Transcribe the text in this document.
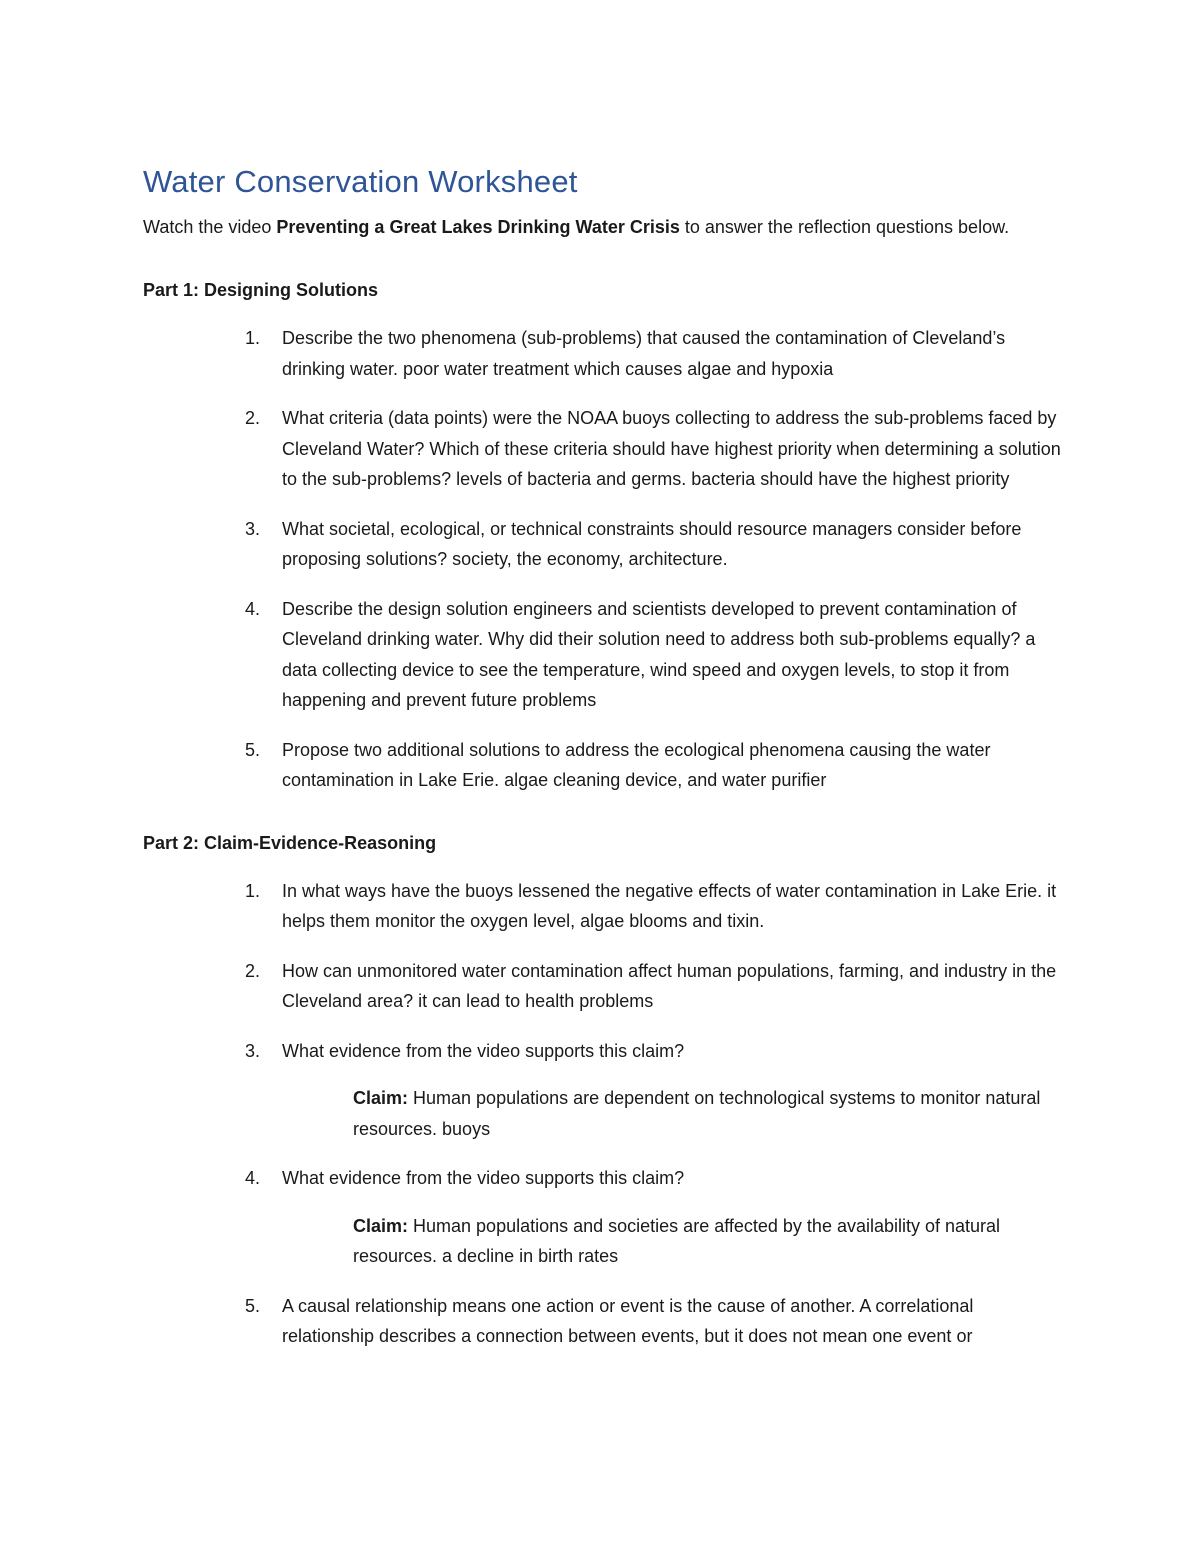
Water Conservation Worksheet

Watch the video Preventing a Great Lakes Drinking Water Crisis to answer the reflection questions below.

Part 1: Designing Solutions
1. Describe the two phenomena (sub-problems) that caused the contamination of Cleveland’s drinking water. poor water treatment which causes algae and hypoxia
2. What criteria (data points) were the NOAA buoys collecting to address the sub-problems faced by Cleveland Water? Which of these criteria should have highest priority when determining a solution to the sub-problems? levels of bacteria and germs. bacteria should have the highest priority
3. What societal, ecological, or technical constraints should resource managers consider before proposing solutions? society, the economy, architecture.
4. Describe the design solution engineers and scientists developed to prevent contamination of Cleveland drinking water. Why did their solution need to address both sub-problems equally? a data collecting device to see the temperature, wind speed and oxygen levels, to stop it from happening and prevent future problems
5. Propose two additional solutions to address the ecological phenomena causing the water contamination in Lake Erie. algae cleaning device, and water purifier
Part 2: Claim-Evidence-Reasoning
1. In what ways have the buoys lessened the negative effects of water contamination in Lake Erie. it helps them monitor the oxygen level, algae blooms and tixin.
2. How can unmonitored water contamination affect human populations, farming, and industry in the Cleveland area? it can lead to health problems
3. What evidence from the video supports this claim?
Claim: Human populations are dependent on technological systems to monitor natural resources. buoys
4. What evidence from the video supports this claim?
Claim: Human populations and societies are affected by the availability of natural resources. a decline in birth rates
5. A causal relationship means one action or event is the cause of another. A correlational relationship describes a connection between events, but it does not mean one event or
